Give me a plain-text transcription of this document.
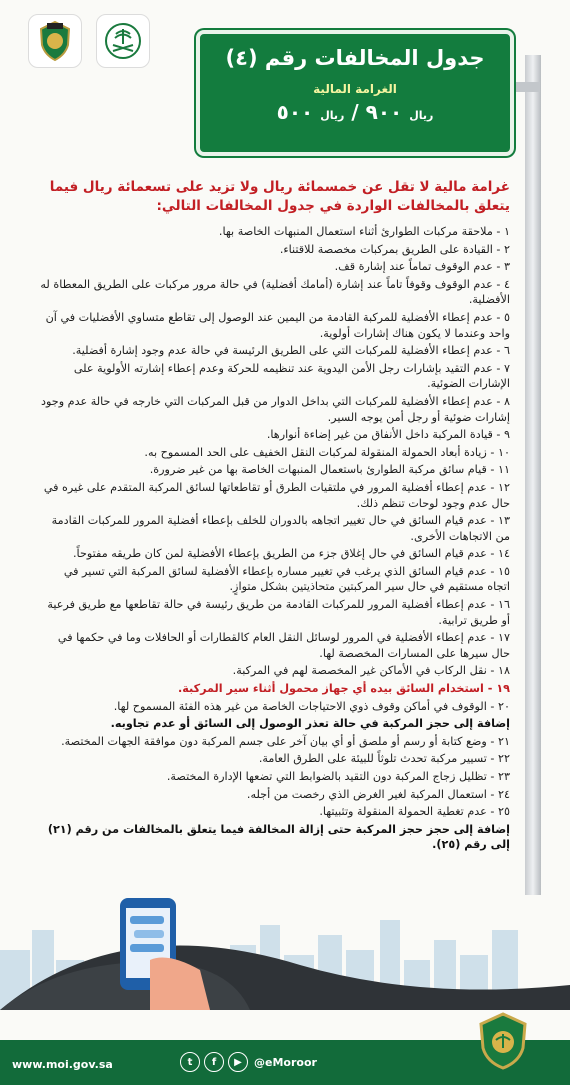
جدول المخالفات رقم (٤)
الغرامة المالية
ريال ٩٠٠ / ريال ٥٠٠
غرامة مالية لا تقل عن خمسمائة ريال ولا تزيد على تسعمائة ريال فيما يتعلق بالمخالفات الواردة في جدول المخالفات التالي:
١ - ملاحقة مركبات الطوارئ أثناء استعمال المنبهات الخاصة بها.
٢ - القيادة على الطريق بمركبات مخصصة للاقتناء.
٣ - عدم الوقوف تماماً عند إشارة قف.
٤ - عدم الوقوف وقوفاً تاماً عند إشارة (أمامك أفضلية) في حالة مرور مركبات على الطريق المعطاة له الأفضلية.
٥ - عدم إعطاء الأفضلية للمركبة القادمة من اليمين عند الوصول إلى تقاطع متساوي الأفضليات في آن واحد وعندما لا يكون هناك إشارات أولوية.
٦ - عدم إعطاء الأفضلية للمركبات التي على الطريق الرئيسة في حالة عدم وجود إشارة أفضلية.
٧ - عدم التقيد بإشارات رجل الأمن اليدوية عند تنظيمه للحركة وعدم إعطاء إشارته الأولوية على الإشارات الضوئية.
٨ - عدم إعطاء الأفضلية للمركبات التي بداخل الدوار من قبل المركبات التي خارجه في حالة عدم وجود إشارات ضوئية أو رجل أمن يوجه السير.
٩ - قيادة المركبة داخل الأنفاق من غير إضاءة أنوارها.
١٠ - زيادة أبعاد الحمولة المنقولة لمركبات النقل الخفيف على الحد المسموح به.
١١ - قيام سائق مركبة الطوارئ باستعمال المنبهات الخاصة بها من غير ضرورة.
١٢ - عدم إعطاء أفضلية المرور في ملتقيات الطرق أو تقاطعاتها لسائق المركبة المتقدم على غيره في حال عدم وجود لوحات تنظم ذلك.
١٣ - عدم قيام السائق في حال تغيير اتجاهه بالدوران للخلف بإعطاء أفضلية المرور للمركبات القادمة من الاتجاهات الأخرى.
١٤ - عدم قيام السائق في حال إغلاق جزء من الطريق بإعطاء الأفضلية لمن كان طريقه مفتوحاً.
١٥ - عدم قيام السائق الذي يرغب في تغيير مساره بإعطاء الأفضلية لسائق المركبة التي تسير في اتجاه مستقيم في حال سير المركبتين متحاذيتين بشكل متوازٍ.
١٦ - عدم إعطاء أفضلية المرور للمركبات القادمة من طريق رئيسة في حالة تقاطعها مع طريق فرعية أو طريق ترابية.
١٧ - عدم إعطاء الأفضلية في المرور لوسائل النقل العام كالقطارات أو الحافلات وما في حكمها في حال سيرها على المسارات المخصصة لها.
١٨ - نقل الركاب في الأماكن غير المخصصة لهم في المركبة.
١٩ - استخدام السائق بيده أي جهاز محمول أثناء سير المركبة.
٢٠ - الوقوف في أماكن وقوف ذوي الاحتياجات الخاصة من غير هذه الفئة المسموح لها.
إضافة إلى حجز المركبة في حالة تعذر الوصول إلى السائق أو عدم تجاوبه.
٢١ - وضع كتابة أو رسم أو ملصق أو أي بيان آخر على جسم المركبة دون موافقة الجهات المختصة.
٢٢ - تسيير مركبة تحدث تلوثاً للبيئة على الطرق العامة.
٢٣ - تظليل زجاج المركبة دون التقيد بالضوابط التي تضعها الإدارة المختصة.
٢٤ - استعمال المركبة لغير الغرض الذي رخصت من أجله.
٢٥ - عدم تغطية الحمولة المنقولة وتثبيتها.
إضافة إلى حجز حجز المركبة حتى إزالة المخالفة فيما يتعلق بالمخالفات من رقم (٢١) إلى رقم (٢٥).
www.moi.gov.sa	t	f	▶	@eMoroor
